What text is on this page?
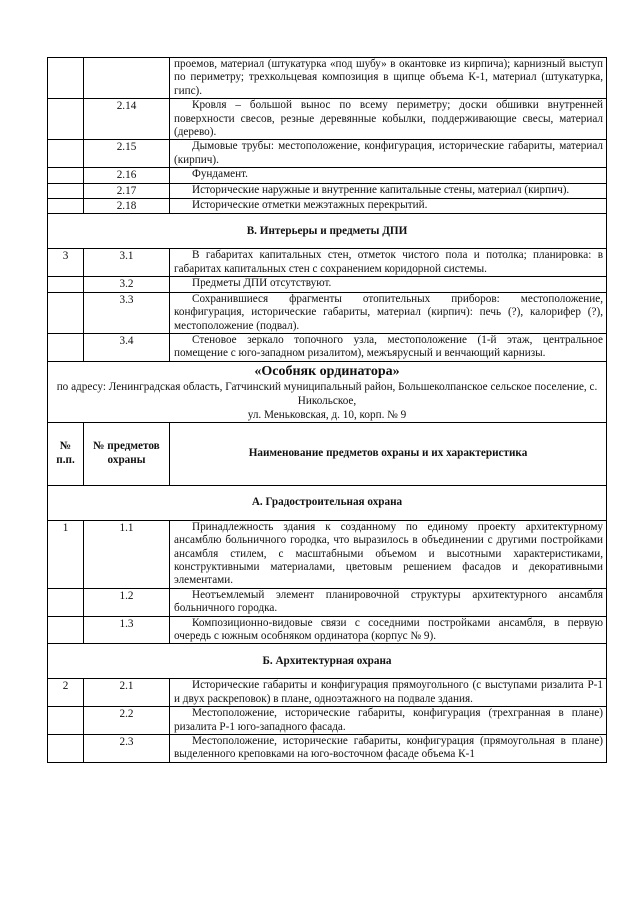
		проемов, материал (штукатурка «под шубу» в окантовке из кирпича); карнизный выступ по периметру; трехкольцевая композиция в щипце объема К-1, материал (штукатурка, гипс).

	2.14	Кровля – большой вынос по всему периметру; доски обшивки внутренней поверхности свесов, резные деревянные кобылки, поддерживающие свесы, материал (дерево).

	2.15	Дымовые трубы: местоположение, конфигурация, исторические габариты, материал (кирпич).

	2.16	Фундамент.

	2.17	Исторические наружные и внутренние капитальные стены, материал (кирпич).

	2.18	Исторические отметки межэтажных перекрытий.

В. Интерьеры и предметы ДПИ		
3	3.1	В габаритах капитальных стен, отметок чистого пола и потолка; планировка: в габаритах капитальных стен с сохранением коридорной системы.

	3.2	Предметы ДПИ отсутствуют.

	3.3	Сохранившиеся фрагменты отопительных приборов: местоположение, конфигурация, исторические габариты, материал (кирпич): печь (?), калорифер (?), местоположение (подвал).

	3.4	Стеновое зеркало топочного узла, местоположение (1-й этаж, центральное помещение с юго-западном ризалитом), межъярусный и венчающий карнизы.

«Особняк ординатора»
по адресу: Ленинградская область, Гатчинский муниципальный район, Большеколпанское сельское поселение, с. Никольское,
ул. Меньковская, д. 10, корп. № 9		

№ п.п.	№ предметов охраны	Наименование предметов охраны и их характеристика
А. Градостроительная охрана		
1	1.1	Принадлежность здания к созданному по единому проекту архитектурному ансамблю больничного городка, что выразилось в объединении с другими постройками ансамбля стилем, с масштабными объемом и высотными характеристиками, конструктивными материалами, цветовым решением фасадов и декоративными элементами.

	1.2	Неотъемлемый элемент планировочной структуры архитектурного ансамбля больничного городка.

	1.3	Композиционно-видовые связи с соседними постройками ансамбля, в первую очередь с южным особняком ординатора (корпус № 9).

Б. Архитектурная охрана		
2	2.1	Исторические габариты и конфигурация прямоугольного (с выступами ризалита Р-1 и двух раскреповок) в плане, одноэтажного на подвале здания.

	2.2	Местоположение, исторические габариты, конфигурация (трехгранная в плане) ризалита Р-1 юго-западного фасада.

	2.3	Местоположение, исторические габариты, конфигурация (прямоугольная в плане) выделенного креповками на юго-восточном фасаде объема К-1
